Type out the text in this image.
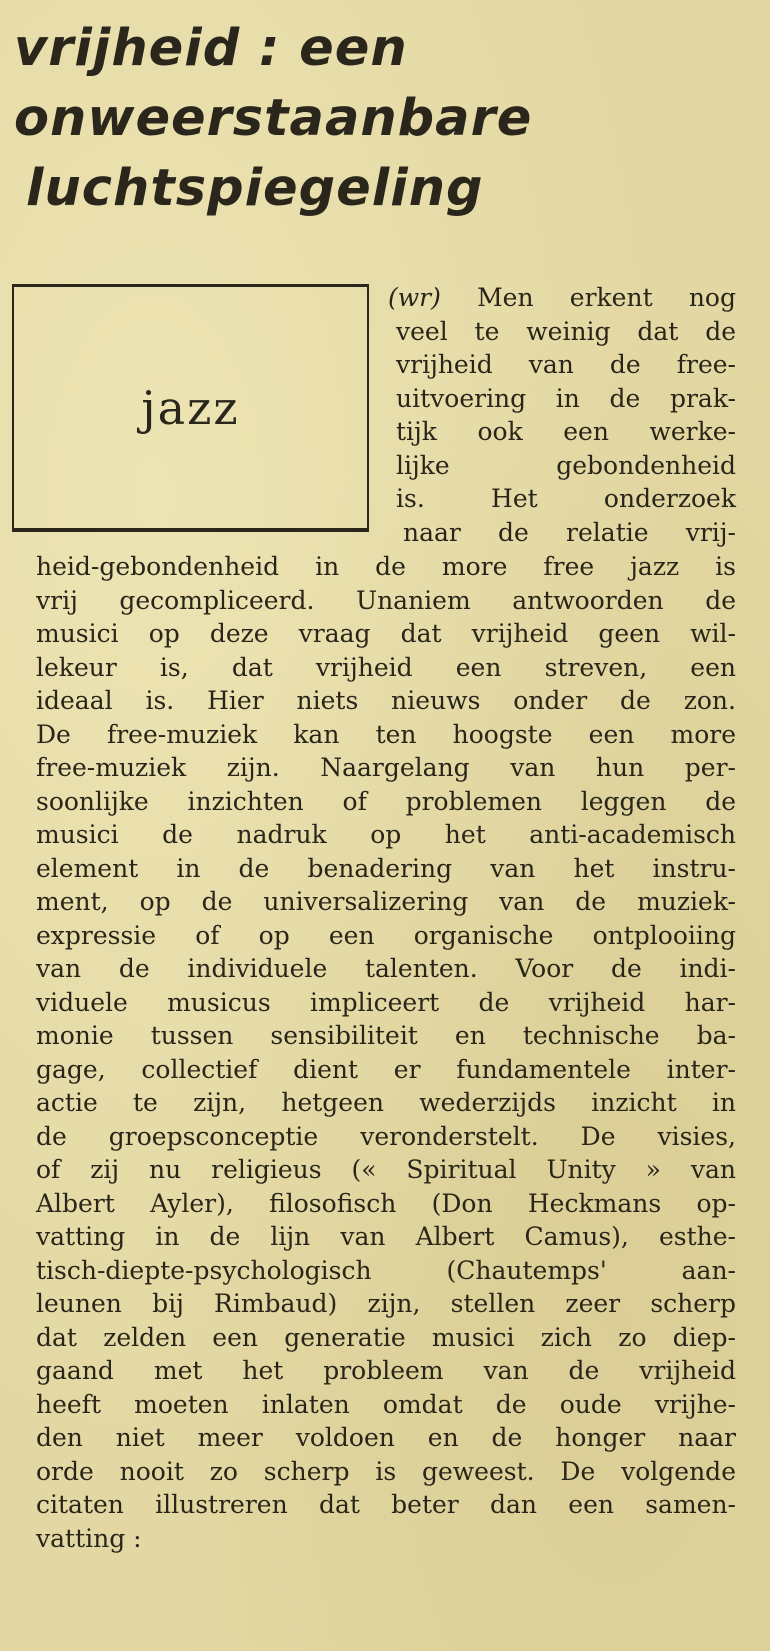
vrijheid : een
onweerstaanbare
luchtspiegeling
jazz
(wr) Men erkent nog
veel te weinig dat de
vrijheid van de free-
uitvoering in de prak-
tijk ook een werke-
lijke gebondenheid
is. Het onderzoek
naar de relatie vrij-
heid-gebondenheid in de more free jazz is
vrij gecompliceerd. Unaniem antwoorden de
musici op deze vraag dat vrijheid geen wil-
lekeur is, dat vrijheid een streven, een
ideaal is. Hier niets nieuws onder de zon.
De free-muziek kan ten hoogste een more
free-muziek zijn. Naargelang van hun per-
soonlijke inzichten of problemen leggen de
musici de nadruk op het anti-academisch
element in de benadering van het instru-
ment, op de universalizering van de muziek-
expressie of op een organische ontplooiing
van de individuele talenten. Voor de indi-
viduele musicus impliceert de vrijheid har-
monie tussen sensibiliteit en technische ba-
gage, collectief dient er fundamentele inter-
actie te zijn, hetgeen wederzijds inzicht in
de groepsconceptie veronderstelt. De visies,
of zij nu religieus (« Spiritual Unity » van
Albert Ayler), filosofisch (Don Heckmans op-
vatting in de lijn van Albert Camus), esthe-
tisch-diepte-psychologisch (Chautemps' aan-
leunen bij Rimbaud) zijn, stellen zeer scherp
dat zelden een generatie musici zich zo diep-
gaand met het probleem van de vrijheid
heeft moeten inlaten omdat de oude vrijhe-
den niet meer voldoen en de honger naar
orde nooit zo scherp is geweest. De volgende
citaten illustreren dat beter dan een samen-
vatting :
